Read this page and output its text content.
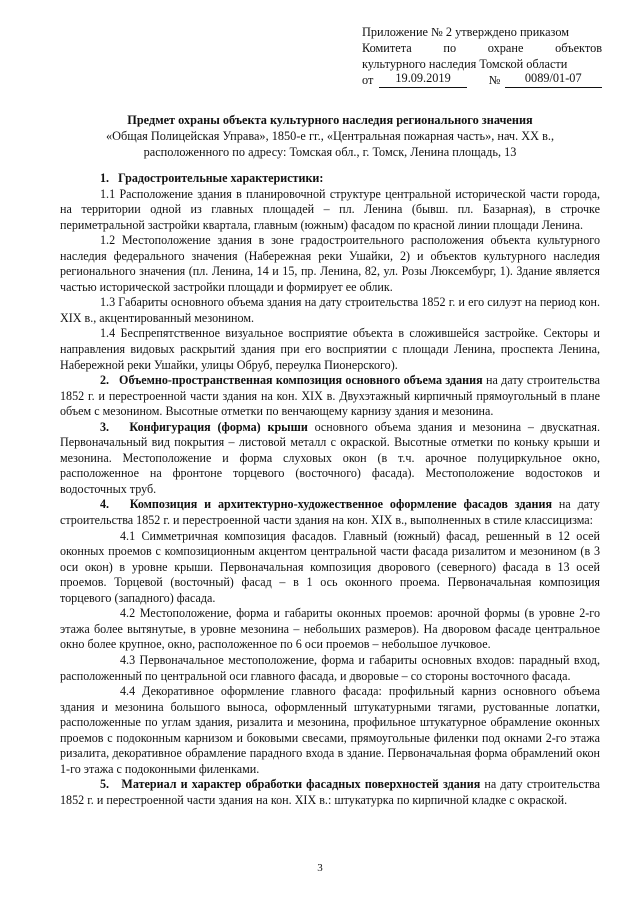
Приложение № 2 утверждено приказом
Комитета	по	охране	объектов
культурного наследия Томской области
от	19.09.2019	№	0089/01-07
Предмет охраны объекта культурного наследия регионального значения
«Общая Полицейская Управа», 1850-е гг., «Центральная пожарная часть», нач. XX в.,
расположенного по адресу: Томская обл., г. Томск, Ленина площадь, 13

1. Градостроительные характеристики:

1.1 Расположение здания в планировочной структуре центральной исторической части города, на территории одной из главных площадей – пл. Ленина (бывш. пл. Базарная), в строчке периметральной застройки квартала, главным (южным) фасадом по красной линии площади Ленина.

1.2 Местоположение здания в зоне градостроительного расположения объекта культурного наследия федерального значения (Набережная реки Ушайки, 2) и объектов культурного наследия регионального значения (пл. Ленина, 14 и 15, пр. Ленина, 82, ул. Розы Люксембург, 1). Здание является частью исторической застройки площади и формирует ее облик.

1.3 Габариты основного объема здания на дату строительства 1852 г. и его силуэт на период кон. XIX в., акцентированный мезонином.

1.4 Беспрепятственное визуальное восприятие объекта в сложившейся застройке. Секторы и направления видовых раскрытий здания при его восприятии с площади Ленина, проспекта Ленина, Набережной реки Ушайки, улицы Обруб, переулка Пионерского).

2. Объемно-пространственная композиция основного объема здания на дату строительства 1852 г. и перестроенной части здания на кон. XIX в. Двухэтажный кирпичный прямоугольный в плане объем с мезонином. Высотные отметки по венчающему карнизу здания и мезонина.

3. Конфигурация (форма) крыши основного объема здания и мезонина – двускатная. Первоначальный вид покрытия – листовой металл с окраской. Высотные отметки по коньку крыши и мезонина. Местоположение и форма слуховых окон (в т.ч. арочное полуциркульное окно, расположенное на фронтоне торцевого (восточного) фасада). Местоположение водостоков и водосточных труб.

4. Композиция и архитектурно-художественное оформление фасадов здания на дату строительства 1852 г. и перестроенной части здания на кон. XIX в., выполненных в стиле классицизма:

4.1 Симметричная композиция фасадов. Главный (южный) фасад, решенный в 12 осей оконных проемов с композиционным акцентом центральной части фасада ризалитом и мезонином (в 3 оси окон) в уровне крыши. Первоначальная композиция дворового (северного) фасада в 13 осей проемов. Торцевой (восточный) фасад – в 1 ось оконного проема. Первоначальная композиция торцевого (западного) фасада.

4.2 Местоположение, форма и габариты оконных проемов: арочной формы (в уровне 2-го этажа более вытянутые, в уровне мезонина – небольших размеров). На дворовом фасаде центральное окно более крупное, окно, расположенное по 6 оси проемов – небольшое лучковое.

4.3 Первоначальное местоположение, форма и габариты основных входов: парадный вход, расположенный по центральной оси главного фасада, и дворовые – со стороны восточного фасада.

4.4 Декоративное оформление главного фасада: профильный карниз основного объема здания и мезонина большого выноса, оформленный штукатурными тягами, рустованные лопатки, расположенные по углам здания, ризалита и мезонина, профильное штукатурное обрамление оконных проемов с подоконным карнизом и боковыми свесами, прямоугольные филенки под окнами 2-го этажа ризалита, декоративное обрамление парадного входа в здание. Первоначальная форма обрамлений окон 1-го этажа с подоконными филенками.

5. Материал и характер обработки фасадных поверхностей здания на дату строительства 1852 г. и перестроенной части здания на кон. XIX в.: штукатурка по кирпичной кладке с окраской.

3
